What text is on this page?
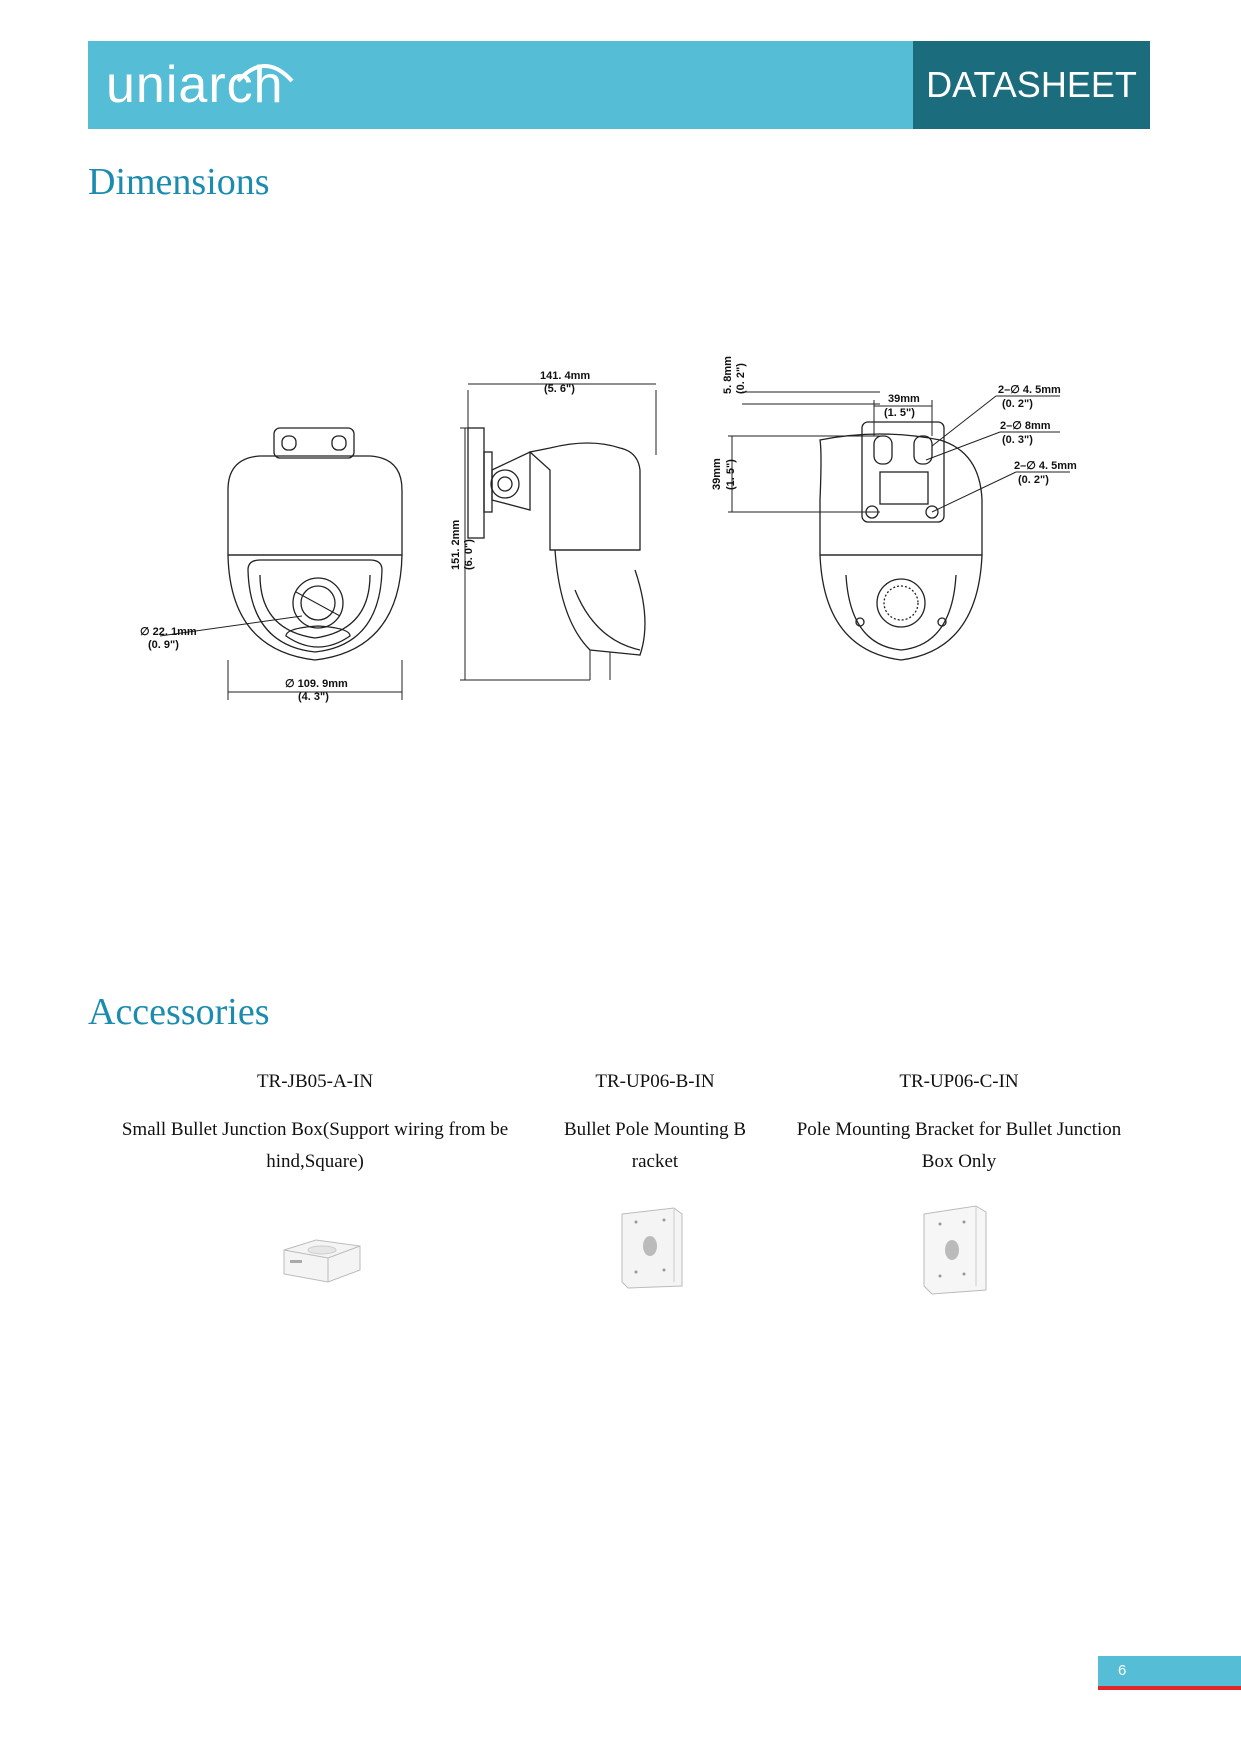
uniarch	DATASHEET
Dimensions
∅ 22. 1mm
(0. 9")
∅ 109. 9mm
(4. 3")
141. 4mm
(5. 6")
151. 2mm (6. 0")
39mm
(1. 5")
5. 8mm (0. 2")
39mm (1. 5")
2–∅ 4. 5mm
(0. 2")
2–∅ 8mm
(0. 3")
2–∅ 4. 5mm
(0. 2")
Accessories
TR-JB05-A-IN
Small Bullet Junction Box(Support wiring from be
hind,Square)
TR-UP06-B-IN
Bullet Pole Mounting B
racket
TR-UP06-C-IN
Pole Mounting Bracket for Bullet Junction
Box Only
6
